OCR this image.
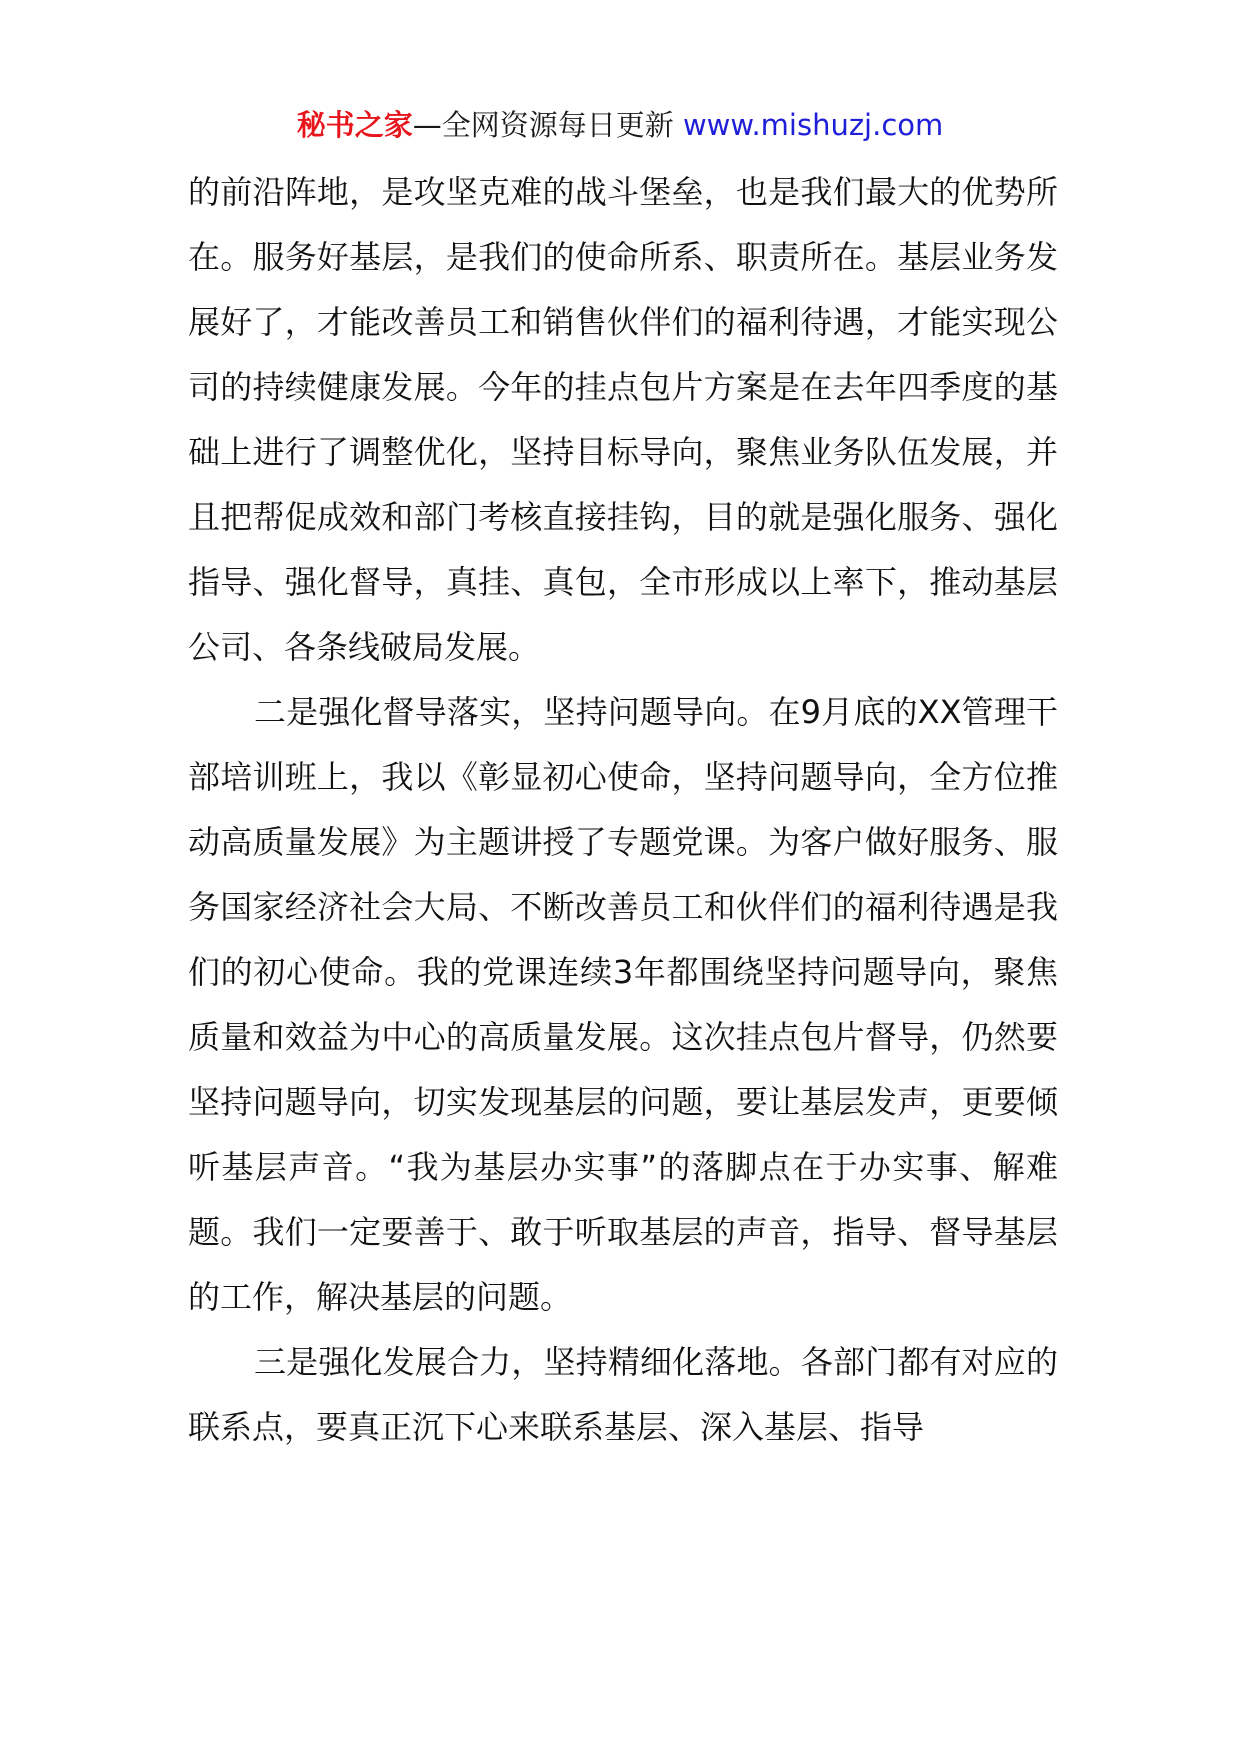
秘书之家—全网资源每日更新 www.mishuzj.com

的前沿阵地，是攻坚克难的战斗堡垒，也是我们最大的优势所在。服务好基层，是我们的使命所系、职责所在。基层业务发展好了，才能改善员工和销售伙伴们的福利待遇，才能实现公司的持续健康发展。今年的挂点包片方案是在去年四季度的基础上进行了调整优化，坚持目标导向，聚焦业务队伍发展，并且把帮促成效和部门考核直接挂钩，目的就是强化服务、强化指导、强化督导，真挂、真包，全市形成以上率下，推动基层公司、各条线破局发展。

二是强化督导落实，坚持问题导向。在9月底的XX管理干部培训班上，我以《彰显初心使命，坚持问题导向，全方位推动高质量发展》为主题讲授了专题党课。为客户做好服务、服务国家经济社会大局、不断改善员工和伙伴们的福利待遇是我们的初心使命。我的党课连续3年都围绕坚持问题导向，聚焦质量和效益为中心的高质量发展。这次挂点包片督导，仍然要坚持问题导向，切实发现基层的问题，要让基层发声，更要倾听基层声音。“我为基层办实事”的落脚点在于办实事、解难题。我们一定要善于、敢于听取基层的声音，指导、督导基层的工作，解决基层的问题。

三是强化发展合力，坚持精细化落地。各部门都有对应的联系点，要真正沉下心来联系基层、深入基层、指导
